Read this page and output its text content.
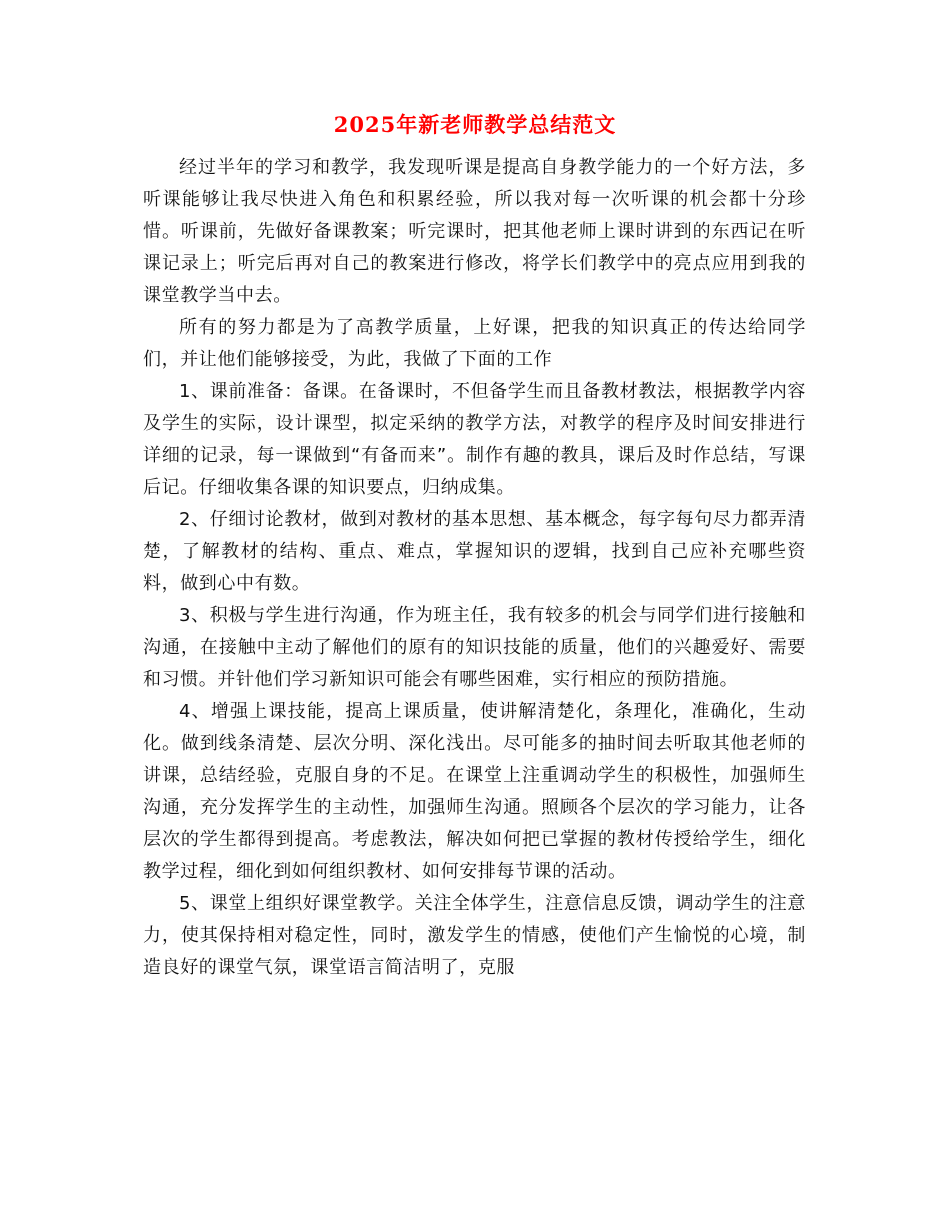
2025年新老师教学总结范文

经过半年的学习和教学，我发现听课是提高自身教学能力的一个好方法，多听课能够让我尽快进入角色和积累经验，所以我对每一次听课的机会都十分珍惜。听课前，先做好备课教案；听完课时，把其他老师上课时讲到的东西记在听课记录上；听完后再对自己的教案进行修改，将学长们教学中的亮点应用到我的课堂教学当中去。

所有的努力都是为了高教学质量，上好课，把我的知识真正的传达给同学们，并让他们能够接受，为此，我做了下面的工作

1、课前准备：备课。在备课时，不但备学生而且备教材教法，根据教学内容及学生的实际，设计课型，拟定采纳的教学方法，对教学的程序及时间安排进行详细的记录，每一课做到“有备而来”。制作有趣的教具，课后及时作总结，写课后记。仔细收集各课的知识要点，归纳成集。

2、仔细讨论教材，做到对教材的基本思想、基本概念，每字每句尽力都弄清楚，了解教材的结构、重点、难点，掌握知识的逻辑，找到自己应补充哪些资料，做到心中有数。

3、积极与学生进行沟通，作为班主任，我有较多的机会与同学们进行接触和沟通，在接触中主动了解他们的原有的知识技能的质量，他们的兴趣爱好、需要和习惯。并针他们学习新知识可能会有哪些困难，实行相应的预防措施。

4、增强上课技能，提高上课质量，使讲解清楚化，条理化，准确化，生动化。做到线条清楚、层次分明、深化浅出。尽可能多的抽时间去听取其他老师的讲课，总结经验，克服自身的不足。在课堂上注重调动学生的积极性，加强师生沟通，充分发挥学生的主动性，加强师生沟通。照顾各个层次的学习能力，让各层次的学生都得到提高。考虑教法，解决如何把已掌握的教材传授给学生，细化教学过程，细化到如何组织教材、如何安排每节课的活动。

5、课堂上组织好课堂教学。关注全体学生，注意信息反馈，调动学生的注意力，使其保持相对稳定性，同时，激发学生的情感，使他们产生愉悦的心境，制造良好的课堂气氛，课堂语言简洁明了，克服
